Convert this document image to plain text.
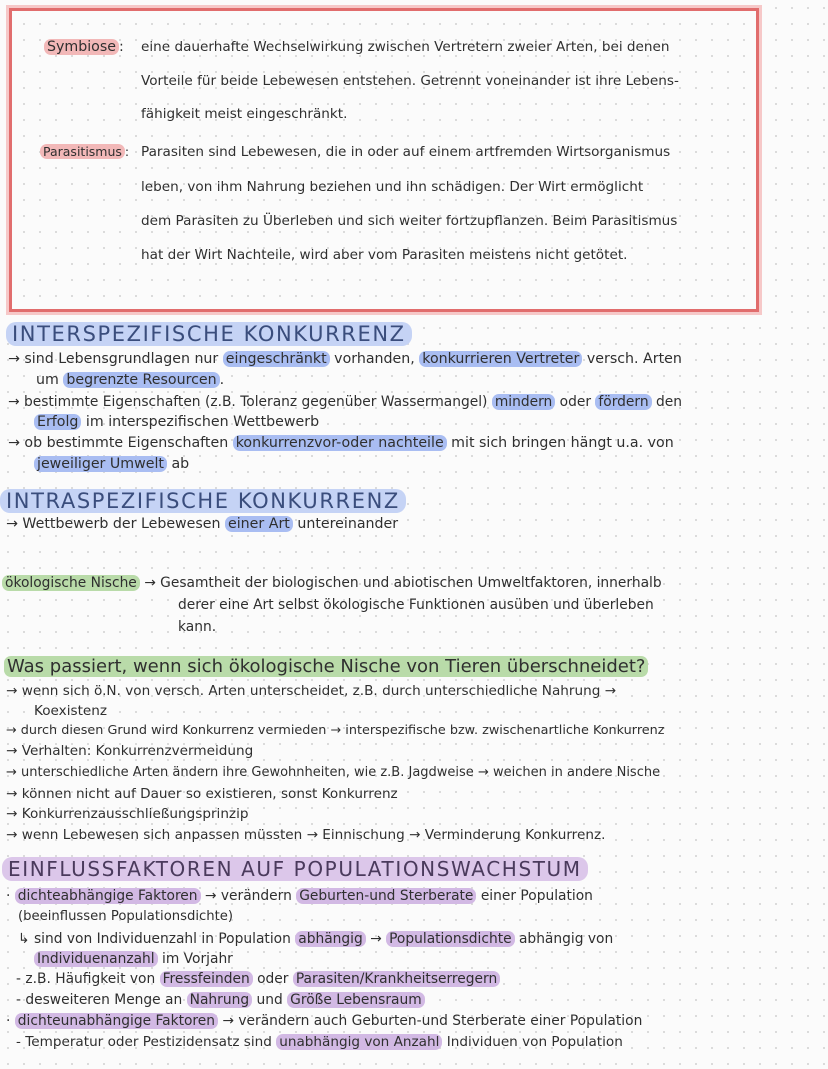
Symbiose : eine dauerhafte Wechselwirkung zwischen Vertretern zweier Arten, bei denen
Vorteile für beide Lebewesen entstehen. Getrennt voneinander ist ihre Lebens-
fähigkeit meist eingeschränkt.
Parasitismus : Parasiten sind Lebewesen, die in oder auf einem artfremden Wirtsorganismus
leben, von ihm Nahrung beziehen und ihn schädigen. Der Wirt ermöglicht
dem Parasiten zu Überleben und sich weiter fortzupflanzen. Beim Parasitismus
hat der Wirt Nachteile, wird aber vom Parasiten meistens nicht getötet.
INTERSPEZIFISCHE KONKURRENZ
→ sind Lebensgrundlagen nur eingeschränkt vorhanden, konkurrieren Vertreter versch. Arten
um begrenzte Resourcen .
→ bestimmte Eigenschaften (z.B. Toleranz gegenüber Wassermangel) mindern oder fördern den
Erfolg im interspezifischen Wettbewerb
→ ob bestimmte Eigenschaften konkurrenzvor-oder nachteile mit sich bringen hängt u.a. von
jeweiliger Umwelt ab
INTRASPEZIFISCHE KONKURRENZ
→ Wettbewerb der Lebewesen einer Art untereinander
ökologische Nische → Gesamtheit der biologischen und abiotischen Umweltfaktoren, innerhalb
derer eine Art selbst ökologische Funktionen ausüben und überleben
kann.
Was passiert, wenn sich ökologische Nische von Tieren überschneidet?
→ wenn sich ö.N. von versch. Arten unterscheidet, z.B. durch unterschiedliche Nahrung →
Koexistenz
→ durch diesen Grund wird Konkurrenz vermieden → interspezifische bzw. zwischenartliche Konkurrenz
→ Verhalten: Konkurrenzvermeidung
→ unterschiedliche Arten ändern ihre Gewohnheiten, wie z.B. Jagdweise → weichen in andere Nische
→ können nicht auf Dauer so existieren, sonst Konkurrenz
→ Konkurrenzausschließungsprinzip
→ wenn Lebewesen sich anpassen müssten → Einnischung → Verminderung Konkurrenz.
EINFLUSSFAKTOREN AUF POPULATIONSWACHSTUM
· dichteabhängige Faktoren → verändern Geburten-und Sterberate einer Population
(beeinflussen Populationsdichte)
↳ sind von Individuenzahl in Population abhängig → Populationsdichte abhängig von
Individuenanzahl im Vorjahr
- z.B. Häufigkeit von Fressfeinden oder Parasiten/Krankheitserregern
- desweiteren Menge an Nahrung und Größe Lebensraum
· dichteunabhängige Faktoren → verändern auch Geburten-und Sterberate einer Population
- Temperatur oder Pestizidensatz sind unabhängig von Anzahl Individuen von Population
